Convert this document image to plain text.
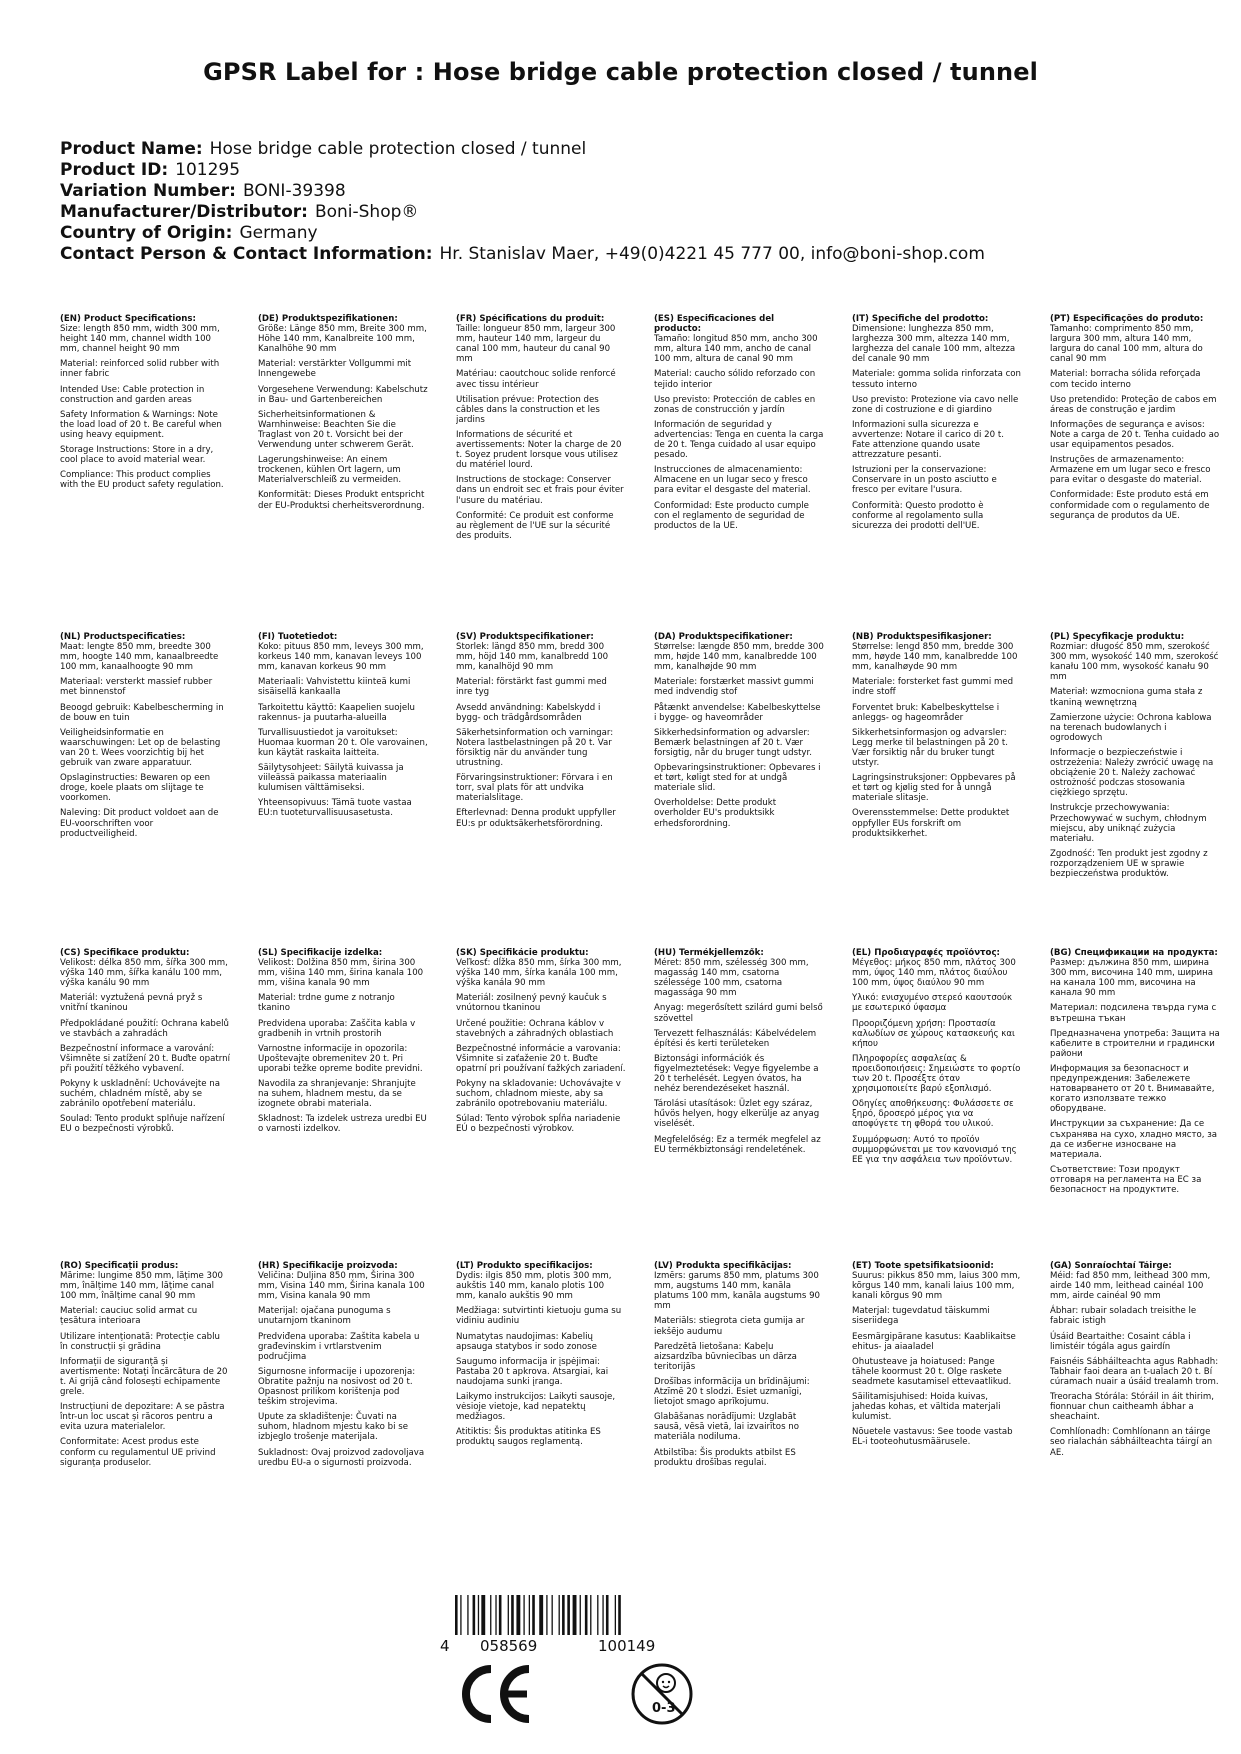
GPSR Label for : Hose bridge cable protection closed / tunnel
Product Name: Hose bridge cable protection closed / tunnel
Product ID: 101295
Variation Number: BONI-39398
Manufacturer/Distributor: Boni-Shop®
Country of Origin: Germany
Contact Person & Contact Information: Hr. Stanislav Maer, +49(0)4221 45 777 00, info@boni-shop.com
(EN) Product Specifications:

Size: length 850 mm, width 300 mm, height 140 mm, channel width 100 mm, channel height 90 mm

Material: reinforced solid rubber with inner fabric

Intended Use: Cable protection in construction and garden areas

Safety Information & Warnings: Note the load load of 20 t. Be careful when using heavy equipment.

Storage Instructions: Store in a dry, cool place to avoid material wear.

Compliance: This product complies with the EU product safety regulation.

(DE) Produktspezifikationen:

Größe: Länge 850 mm, Breite 300 mm, Höhe 140 mm, Kanalbreite 100 mm, Kanalhöhe 90 mm

Material: verstärkter Vollgummi mit Innengewebe

Vorgesehene Verwendung: Kabelschutz in Bau- und Gartenbereichen

Sicherheitsinformationen & Warnhinweise: Beachten Sie die Traglast von 20 t. Vorsicht bei der Verwendung unter schwerem Gerät.

Lagerungshinweise: An einem trockenen, kühlen Ort lagern, um Materialverschleiß zu vermeiden.

Konformität: Dieses Produkt entspricht der EU-Produktsi cherheitsverordnung.

(FR) Spécifications du produit:

Taille: longueur 850 mm, largeur 300 mm, hauteur 140 mm, largeur du canal 100 mm, hauteur du canal 90 mm

Matériau: caoutchouc solide renforcé avec tissu intérieur

Utilisation prévue: Protection des câbles dans la construction et les jardins

Informations de sécurité et avertissements: Noter la charge de 20 t. Soyez prudent lorsque vous utilisez du matériel lourd.

Instructions de stockage: Conserver dans un endroit sec et frais pour éviter l'usure du matériau.

Conformité: Ce produit est conforme au règlement de l'UE sur la sécurité des produits.

(ES) Especificaciones del producto:

Tamaño: longitud 850 mm, ancho 300 mm, altura 140 mm, ancho de canal 100 mm, altura de canal 90 mm

Material: caucho sólido reforzado con tejido interior

Uso previsto: Protección de cables en zonas de construcción y jardín

Información de seguridad y advertencias: Tenga en cuenta la carga de 20 t. Tenga cuidado al usar equipo pesado.

Instrucciones de almacenamiento: Almacene en un lugar seco y fresco para evitar el desgaste del material.

Conformidad: Este producto cumple con el reglamento de seguridad de productos de la UE.

(IT) Specifiche del prodotto:

Dimensione: lunghezza 850 mm, larghezza 300 mm, altezza 140 mm, larghezza del canale 100 mm, altezza del canale 90 mm

Materiale: gomma solida rinforzata con tessuto interno

Uso previsto: Protezione via cavo nelle zone di costruzione e di giardino

Informazioni sulla sicurezza e avvertenze: Notare il carico di 20 t. Fate attenzione quando usate attrezzature pesanti.

Istruzioni per la conservazione: Conservare in un posto asciutto e fresco per evitare l'usura.

Conformità: Questo prodotto è conforme al regolamento sulla sicurezza dei prodotti dell'UE.

(PT) Especificações do produto:

Tamanho: comprimento 850 mm, largura 300 mm, altura 140 mm, largura do canal 100 mm, altura do canal 90 mm

Material: borracha sólida reforçada com tecido interno

Uso pretendido: Proteção de cabos em áreas de construção e jardim

Informações de segurança e avisos: Note a carga de 20 t. Tenha cuidado ao usar equipamentos pesados.

Instruções de armazenamento: Armazene em um lugar seco e fresco para evitar o desgaste do material.

Conformidade: Este produto está em conformidade com o regulamento de segurança de produtos da UE.

(NL) Productspecificaties:

Maat: lengte 850 mm, breedte 300 mm, hoogte 140 mm, kanaalbreedte 100 mm, kanaalhoogte 90 mm

Materiaal: versterkt massief rubber met binnenstof

Beoogd gebruik: Kabelbescherming in de bouw en tuin

Veiligheidsinformatie en waarschuwingen: Let op de belasting van 20 t. Wees voorzichtig bij het gebruik van zware apparatuur.

Opslaginstructies: Bewaren op een droge, koele plaats om slijtage te voorkomen.

Naleving: Dit product voldoet aan de EU-voorschriften voor productveiligheid.

(FI) Tuotetiedot:

Koko: pituus 850 mm, leveys 300 mm, korkeus 140 mm, kanavan leveys 100 mm, kanavan korkeus 90 mm

Materiaali: Vahvistettu kiinteä kumi sisäisellä kankaalla

Tarkoitettu käyttö: Kaapelien suojelu rakennus- ja puutarha-alueilla

Turvallisuustiedot ja varoitukset: Huomaa kuorman 20 t. Ole varovainen, kun käytät raskaita laitteita.

Säilytysohjeet: Säilytä kuivassa ja viileässä paikassa materiaalin kulumisen välttämiseksi.

Yhteensopivuus: Tämä tuote vastaa EU:n tuoteturvallisuusasetusta.

(SV) Produktspecifikationer:

Storlek: längd 850 mm, bredd 300 mm, höjd 140 mm, kanalbredd 100 mm, kanalhöjd 90 mm

Material: förstärkt fast gummi med inre tyg

Avsedd användning: Kabelskydd i bygg- och trädgårdsområden

Säkerhetsinformation och varningar: Notera lastbelastningen på 20 t. Var försiktig när du använder tung utrustning.

Förvaringsinstruktioner: Förvara i en torr, sval plats för att undvika materialslitage.

Efterlevnad: Denna produkt uppfyller EU:s pr oduktsäkerhetsförordning.

(DA) Produktspecifikationer:

Størrelse: længde 850 mm, bredde 300 mm, højde 140 mm, kanalbredde 100 mm, kanalhøjde 90 mm

Materiale: forstærket massivt gummi med indvendig stof

Påtænkt anvendelse: Kabelbeskyttelse i bygge- og haveområder

Sikkerhedsinformation og advarsler: Bemærk belastningen af 20 t. Vær forsigtig, når du bruger tungt udstyr.

Opbevaringsinstruktioner: Opbevares i et tørt, køligt sted for at undgå materiale slid.

Overholdelse: Dette produkt overholder EU's produktsikk erhedsforordning.

(NB) Produktspesifikasjoner:

Størrelse: lengd 850 mm, bredde 300 mm, høyde 140 mm, kanalbredde 100 mm, kanalhøyde 90 mm

Materiale: forsterket fast gummi med indre stoff

Forventet bruk: Kabelbeskyttelse i anleggs- og hageområder

Sikkerhetsinformasjon og advarsler: Legg merke til belastningen på 20 t. Vær forsiktig når du bruker tungt utstyr.

Lagringsinstruksjoner: Oppbevares på et tørt og kjølig sted for å unngå materiale slitasje.

Overensstemmelse: Dette produktet oppfyller EUs forskrift om produktsikkerhet.

(PL) Specyfikacje produktu:

Rozmiar: długość 850 mm, szerokość 300 mm, wysokość 140 mm, szerokość kanału 100 mm, wysokość kanału 90 mm

Materiał: wzmocniona guma stała z tkaniną wewnętrzną

Zamierzone użycie: Ochrona kablowa na terenach budowlanych i ogrodowych

Informacje o bezpieczeństwie i ostrzeżenia: Należy zwrócić uwagę na obciążenie 20 t. Należy zachować ostrożność podczas stosowania ciężkiego sprzętu.

Instrukcje przechowywania: Przechowywać w suchym, chłodnym miejscu, aby uniknąć zużycia materiału.

Zgodność: Ten produkt jest zgodny z rozporządzeniem UE w sprawie bezpieczeństwa produktów.

(CS) Specifikace produktu:

Velikost: délka 850 mm, šířka 300 mm, výška 140 mm, šířka kanálu 100 mm, výška kanálu 90 mm

Materiál: vyztužená pevná pryž s vnitřní tkaninou

Předpokládané použití: Ochrana kabelů ve stavbách a zahradách

Bezpečnostní informace a varování: Všimněte si zatížení 20 t. Buďte opatrní při použití těžkého vybavení.

Pokyny k uskladnění: Uchovávejte na suchém, chladném místě, aby se zabránilo opotřebení materiálu.

Soulad: Tento produkt splňuje nařízení EU o bezpečnosti výrobků.

(SL) Specifikacije izdelka:

Velikost: Dolžina 850 mm, širina 300 mm, višina 140 mm, širina kanala 100 mm, višina kanala 90 mm

Material: trdne gume z notranjo tkanino

Predvidena uporaba: Zaščita kabla v gradbenih in vrtnih prostorih

Varnostne informacije in opozorila: Upoštevajte obremenitev 20 t. Pri uporabi težke opreme bodite previdni.

Navodila za shranjevanje: Shranjujte na suhem, hladnem mestu, da se izognete obrabi materiala.

Skladnost: Ta izdelek ustreza uredbi EU o varnosti izdelkov.

(SK) Špecifikácie produktu:

Veľkosť: dĺžka 850 mm, šírka 300 mm, výška 140 mm, šírka kanála 100 mm, výška kanála 90 mm

Materiál: zosilnený pevný kaučuk s vnútornou tkaninou

Určené použitie: Ochrana káblov v stavebných a záhradných oblastiach

Bezpečnostné informácie a varovania: Všimnite si zaťaženie 20 t. Buďte opatrní pri používaní ťažkých zariadení.

Pokyny na skladovanie: Uchovávajte v suchom, chladnom mieste, aby sa zabránilo opotrebovaniu materiálu.

Súlad: Tento výrobok spĺňa nariadenie EÚ o bezpečnosti výrobkov.

(HU) Termékjellemzők:

Méret: 850 mm, szélesség 300 mm, magasság 140 mm, csatorna szélessége 100 mm, csatorna magassága 90 mm

Anyag: megerősített szilárd gumi belső szövettel

Tervezett felhasználás: Kábelvédelem építési és kerti területeken

Biztonsági információk és figyelmeztetések: Vegye figyelembe a 20 t terhelését. Legyen óvatos, ha nehéz berendezéseket használ.

Tárolási utasítások: Üzlet egy száraz, hűvös helyen, hogy elkerülje az anyag viselését.

Megfelelőség: Ez a termék megfelel az EU termékbiztonsági rendeletének.

(EL) Προδιαγραφές προϊόντος:

Μέγεθος: μήκος 850 mm, πλάτος 300 mm, ύψος 140 mm, πλάτος διαύλου 100 mm, ύψος διαύλου 90 mm

Υλικό: ενισχυμένο στερεό καουτσούκ με εσωτερικό ύφασμα

Προοριζόμενη χρήση: Προστασία καλωδίων σε χώρους κατασκευής και κήπου

Πληροφορίες ασφαλείας & προειδοποιήσεις: Σημειώστε το φορτίο των 20 t. Προσέξτε όταν χρησιμοποιείτε βαρύ εξοπλισμό.

Οδηγίες αποθήκευσης: Φυλάσσετε σε ξηρό, δροσερό μέρος για να αποφύγετε τη φθορά του υλικού.

Συμμόρφωση: Αυτό το προϊόν συμμορφώνεται με τον κανονισμό της ΕΕ για την ασφάλεια των προϊόντων.

(BG) Спецификации на продукта:

Размер: дължина 850 mm, ширина 300 mm, височина 140 mm, ширина на канала 100 mm, височина на канала 90 mm

Материал: подсилена твърда гума с вътрешна тъкан

Предназначена употреба: Защита на кабелите в строителни и градински райони

Информация за безопасност и предупреждения: Забележете натоварването от 20 t. Внимавайте, когато използвате тежко оборудване.

Инструкции за съхранение: Да се съхранява на сухо, хладно място, за да се избегне износване на материала.

Съответствие: Този продукт отговаря на регламента на ЕС за безопасност на продуктите.

(RO) Specificații produs:

Mărime: lungime 850 mm, lățime 300 mm, înălțime 140 mm, lățime canal 100 mm, înălțime canal 90 mm

Material: cauciuc solid armat cu țesătura interioara

Utilizare intenționată: Protecție cablu în construcții și grădina

Informații de siguranță și avertismente: Notați încărcătura de 20 t. Ai grijă când folosești echipamente grele.

Instrucțiuni de depozitare: A se păstra într-un loc uscat și răcoros pentru a evita uzura materialelor.

Conformitate: Acest produs este conform cu regulamentul UE privind siguranța produselor.

(HR) Specifikacije proizvoda:

Veličina: Duljina 850 mm, Širina 300 mm, Visina 140 mm, Širina kanala 100 mm, Visina kanala 90 mm

Materijal: ojačana punoguma s unutarnjom tkaninom

Predviđena uporaba: Zaštita kabela u građevinskim i vrtlarstvenim područjima

Sigurnosne informacije i upozorenja: Obratite pažnju na nosivost od 20 t. Opasnost prilikom korištenja pod teškim strojevima.

Upute za skladištenje: Čuvati na suhom, hladnom mjestu kako bi se izbjeglo trošenje materijala.

Sukladnost: Ovaj proizvod zadovoljava uredbu EU-a o sigurnosti proizvoda.

(LT) Produkto specifikacijos:

Dydis: ilgis 850 mm, plotis 300 mm, aukštis 140 mm, kanalo plotis 100 mm, kanalo aukštis 90 mm

Medžiaga: sutvirtinti kietuoju guma su vidiniu audiniu

Numatytas naudojimas: Kabelių apsauga statybos ir sodo zonose

Saugumo informacija ir įspėjimai: Pastaba 20 t apkrova. Atsargiai, kai naudojama sunki įranga.

Laikymo instrukcijos: Laikyti sausoje, vėsioje vietoje, kad nepatektų medžiagos.

Atitiktis: Šis produktas atitinka ES produktų saugos reglamentą.

(LV) Produkta specifikācijas:

Izmērs: garums 850 mm, platums 300 mm, augstums 140 mm, kanāla platums 100 mm, kanāla augstums 90 mm

Materiāls: stiegrota cieta gumija ar iekšējo audumu

Paredzētā lietošana: Kabeļu aizsardzība būvniecības un dārza teritorijās

Drošības informācija un brīdinājumi: Atzīmē 20 t slodzi. Esiet uzmanīgi, lietojot smago aprīkojumu.

Glabāšanas norādījumi: Uzglabāt sausā, vēsā vietā, lai izvairītos no materiāla nodiluma.

Atbilstība: Šis produkts atbilst ES produktu drošības regulai.

(ET) Toote spetsifikatsioonid:

Suurus: pikkus 850 mm, laius 300 mm, kõrgus 140 mm, kanali laius 100 mm, kanali kõrgus 90 mm

Materjal: tugevdatud täiskummi siseriidega

Eesmärgipärane kasutus: Kaablikaitse ehitus- ja aiaaladel

Ohutusteave ja hoiatused: Pange tähele koormust 20 t. Olge raskete seadmete kasutamisel ettevaatlikud.

Säilitamisjuhised: Hoida kuivas, jahedas kohas, et vältida materjali kulumist.

Nõuetele vastavus: See toode vastab EL-i tooteohutusmäärusele.

(GA) Sonraíochtaí Táirge:

Méid: fad 850 mm, leithead 300 mm, airde 140 mm, leithead cainéal 100 mm, airde cainéal 90 mm

Ábhar: rubair soladach treisithe le fabraic istigh

Úsáid Beartaithe: Cosaint cábla i limistéir tógála agus gairdín

Faisnéis Sábháilteachta agus Rabhadh: Tabhair faoi deara an t-ualach 20 t. Bí cúramach nuair a úsáid trealamh trom.

Treoracha Stórála: Stóráil in áit thirim, fionnuar chun caitheamh ábhar a sheachaint.

Comhlíonadh: Comhlíonann an táirge seo rialachán sábháilteachta táirgí an AE.

4 058569	100149
0-3
